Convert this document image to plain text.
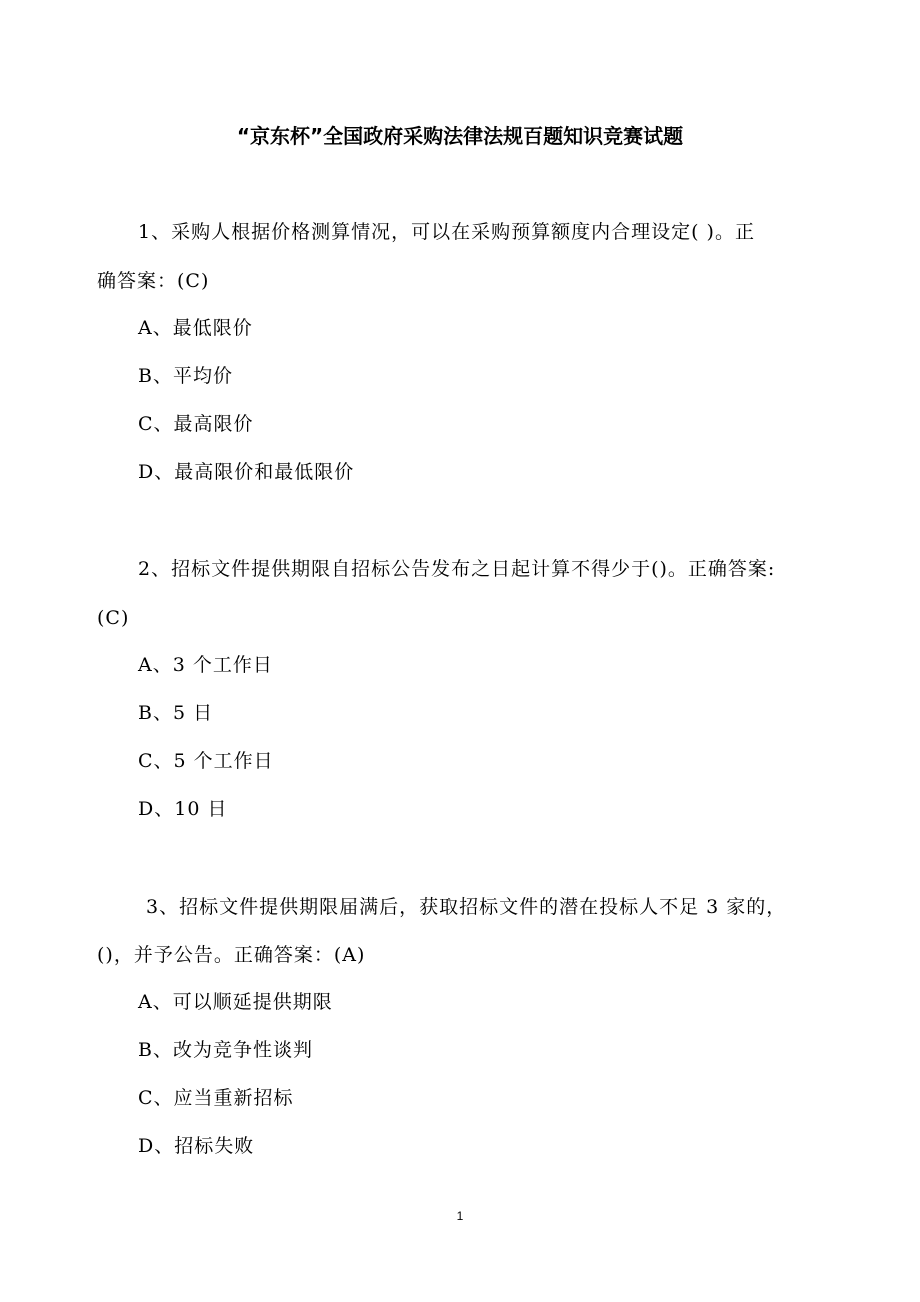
“京东杯”全国政府采购法律法规百题知识竞赛试题
1、采购人根据价格测算情况，可以在采购预算额度内合理设定( )。正
确答案：(C)
A、最低限价
B、平均价
C、最高限价
D、最高限价和最低限价
2、招标文件提供期限自招标公告发布之日起计算不得少于()。正确答案:
(C)
A、3 个工作日
B、5 日
C、5 个工作日
D、10 日
3、招标文件提供期限届满后，获取招标文件的潜在投标人不足 3 家的，
()，并予公告。正确答案：(A)
A、可以顺延提供期限
B、改为竞争性谈判
C、应当重新招标
D、招标失败
1
